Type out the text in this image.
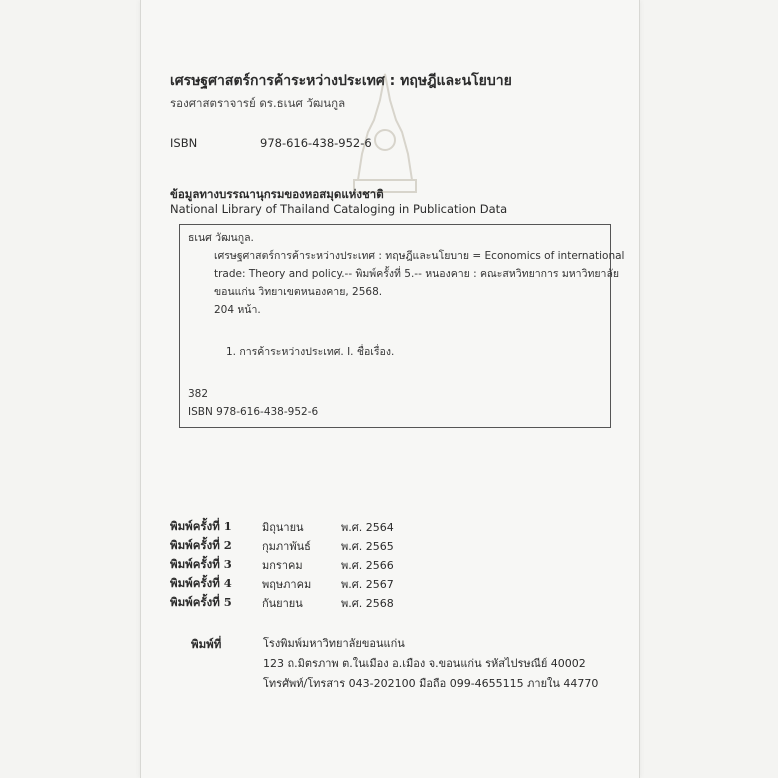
เศรษฐศาสตร์การค้าระหว่างประเทศ : ทฤษฎีและนโยบาย
รองศาสตราจารย์ ดร.ธเนศ วัฒนกูล
ISBN	978-616-438-952-6
ข้อมูลทางบรรณานุกรมของหอสมุดแห่งชาติ
National Library of Thailand Cataloging in Publication Data
ธเนศ วัฒนกูล.
เศรษฐศาสตร์การค้าระหว่างประเทศ : ทฤษฎีและนโยบาย = Economics of international
trade: Theory and policy.-- พิมพ์ครั้งที่ 5.-- หนองคาย : คณะสหวิทยาการ มหาวิทยาลัย
ขอนแก่น วิทยาเขตหนองคาย, 2568.
204 หน้า.
1. การค้าระหว่างประเทศ. I. ชื่อเรื่อง.
382
ISBN 978-616-438-952-6
พิมพ์ครั้งที่ 1	มิถุนายน	พ.ศ. 2564
พิมพ์ครั้งที่ 2	กุมภาพันธ์	พ.ศ. 2565
พิมพ์ครั้งที่ 3	มกราคม	พ.ศ. 2566
พิมพ์ครั้งที่ 4	พฤษภาคม	พ.ศ. 2567
พิมพ์ครั้งที่ 5	กันยายน	พ.ศ. 2568
พิมพ์ที่	โรงพิมพ์มหาวิทยาลัยขอนแก่น
123 ถ.มิตรภาพ ต.ในเมือง อ.เมือง จ.ขอนแก่น รหัสไปรษณีย์ 40002
โทรศัพท์/โทรสาร 043-202100 มือถือ 099-4655115 ภายใน 44770
